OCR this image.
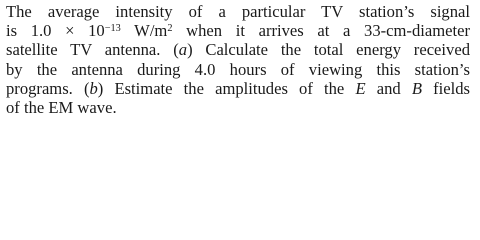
The average intensity of a particular TV station’s signal
is $1.0 \times 10^{-13}$ $W/m^2$ when it arrives at a 33-cm-diameter
satellite TV antenna. (a) Calculate the total energy received
by the antenna during 4.0 hours of viewing this station’s
programs. (b) Estimate the amplitudes of the E and B fields
of the EM wave.
